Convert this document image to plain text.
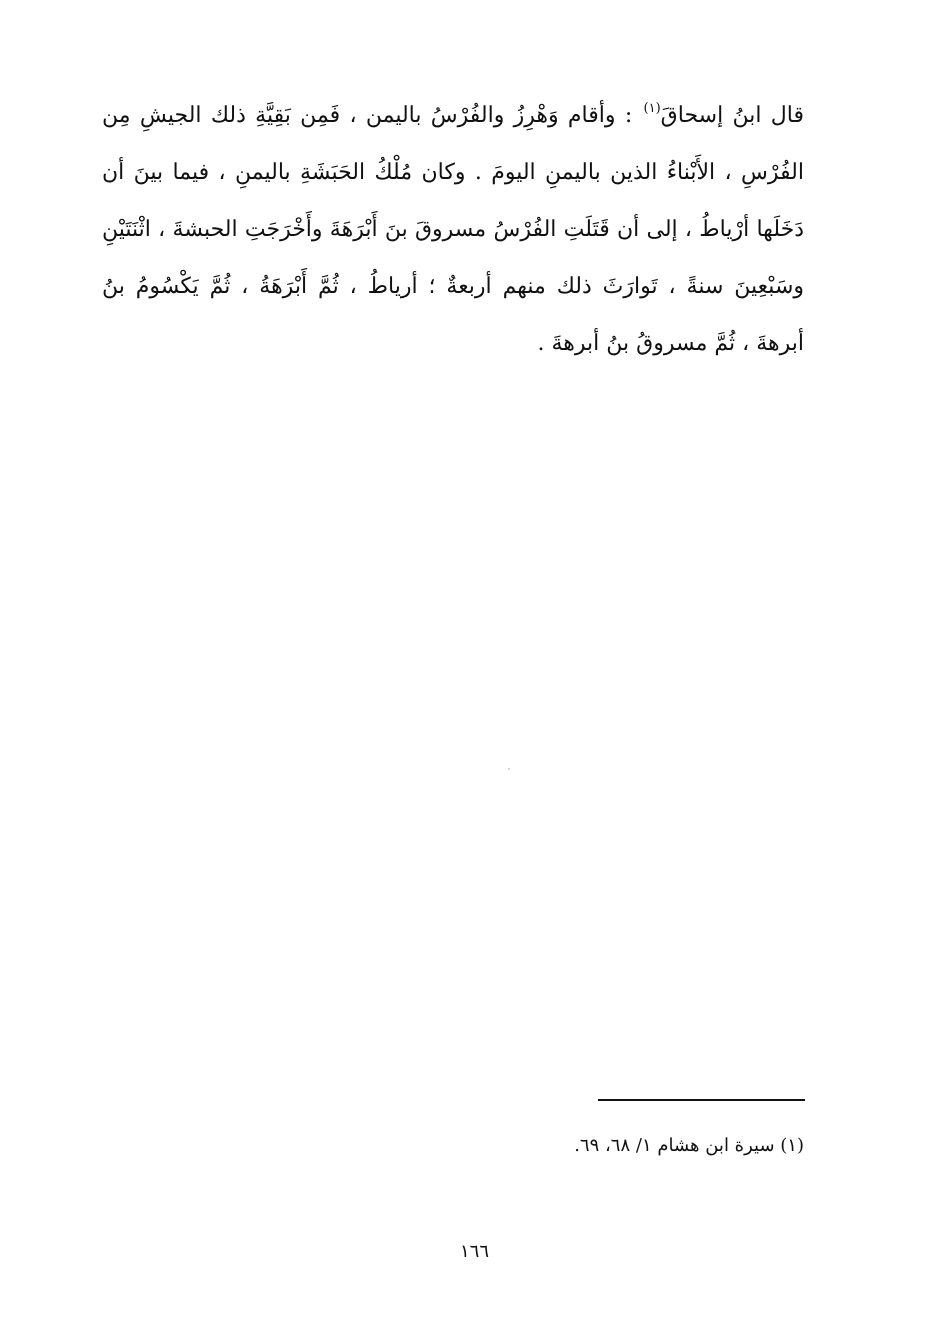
قال ابنُ إسحاقَ$^{(١)}$ : وأقام وَهْرِزُ والفُرْسُ باليمن ، فَمِن بَقِيَّةِ ذلك الجيشِ مِن
الفُرْسِ ، الأَبْناءُ الذين باليمنِ اليومَ . وكان مُلْكُ الحَبَشَةِ باليمنِ ، فيما بينَ أن
دَخَلَها أرْياطُ ، إلى أن قَتَلَتِ الفُرْسُ مسروقَ بنَ أَبْرَهَةَ وأَخْرَجَتِ الحبشةَ ، اثْنَتَيْنِ
وسَبْعِينَ سنةً ، تَوارَثَ ذلك منهم أربعةٌ ؛ أرياطُ ، ثُمَّ أَبْرَهَةُ ، ثُمَّ يَكْسُومُ بنُ
أبرهةَ ، ثُمَّ مسروقُ بنُ أبرهةَ .

(١) سيرة ابن هشام ١/ ٦٨، ٦٩.

١٦٦
